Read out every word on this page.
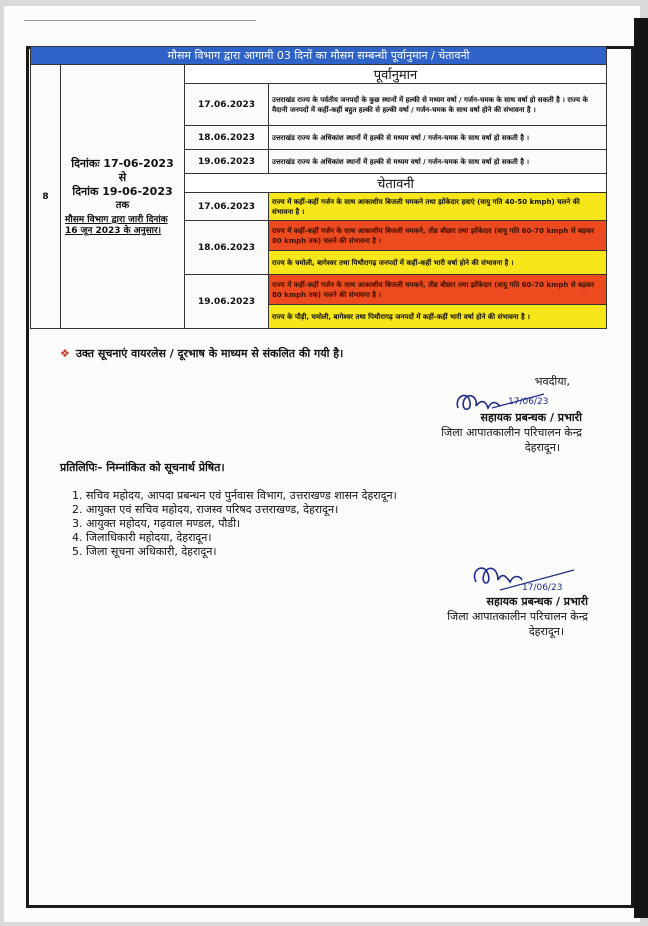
मौसम विभाग द्वारा आगामी 03 दिनों का मौसम सम्बन्धी पूर्वानुमान / चेतावनी			
8	दिनांकः 17-06-2023
से
दिनांक 19-06-2023
तक
मौसम विभाग द्वारा जारी दिनांक 16 जून 2023 के अनुसार।	पूर्वानुमान	
		17.06.2023	उत्तराखंड राज्य के पर्वतीय जनपदों के कुछ स्थानों में हल्की से मध्यम वर्षा / गर्जन-चमक के साथ वर्षा हो सकती है । राज्य के मैदानी जनपदों में कहीं-कहीं बहुत हल्की से हल्की वर्षा / गर्जन-चमक के साथ वर्षा होने की संभावना है ।
		18.06.2023	उत्तराखंड राज्य के अधिकांश स्थानों में हल्की से मध्यम वर्षा / गर्जन-चमक के साथ वर्षा हो सकती है ।
		19.06.2023	उत्तराखंड राज्य के अधिकांश स्थानों में हल्की से मध्यम वर्षा / गर्जन-चमक के साथ वर्षा हो सकती है ।
		चेतावनी	
		17.06.2023	राज्य में कहीं-कहीं गर्जन के साथ आकाशीय बिजली चमकने तथा झोंकेदार हवाएं (वायु गति 40-50 kmph) चलने की संभावना है ।
		18.06.2023	राज्य में कहीं-कहीं गर्जन के साथ आकाशीय बिजली चमकने, तीव्र बौछार तथा झोंकेदार (वायु गति 60-70 kmph से बढ़कर 80 kmph तक) चलने की संभावना है ।
			राज्य के चमोली, बागेश्वर तथा पिथौरागढ़ जनपदों में कहीं-कहीं भारी वर्षा होने की संभावना है ।
		19.06.2023	राज्य में कहीं-कहीं गर्जन के साथ आकाशीय बिजली चमकने, तीव्र बौछार तथा झोंकेदार (वायु गति 60-70 kmph से बढ़कर 80 kmph तक) चलने की संभावना है ।
			राज्य के पौड़ी, चमोली, बागेश्वर तथा पिथौरागढ़ जनपदों में कहीं-कहीं भारी वर्षा होने की संभावना है ।
❖ उक्त सूचनाएं वायरलेस / दूरभाष के माध्यम से संकलित की गयी है।
भवदीया,
17/06/23
सहायक प्रबन्धक / प्रभारी
जिला आपातकालीन परिचालन केन्द्र
देहरादून।
प्रतिलिपिः– निम्नांकित को सूचनार्थ प्रेषित।
1. सचिव महोदय, आपदा प्रबन्धन एवं पुर्नवास विभाग, उत्तराखण्ड शासन देहरादून।
2. आयुक्त एवं सचिव महोदय, राजस्व परिषद उत्तराखण्ड, देहरादून।
3. आयुक्त महोदय, गढ़वाल मण्डल, पौडी।
4. जिलाधिकारी महोदया, देहरादून।
5. जिला सूचना अधिकारी, देहरादून।
17/06/23
सहायक प्रबन्धक / प्रभारी
जिला आपातकालीन परिचालन केन्द्र
देहरादून।
